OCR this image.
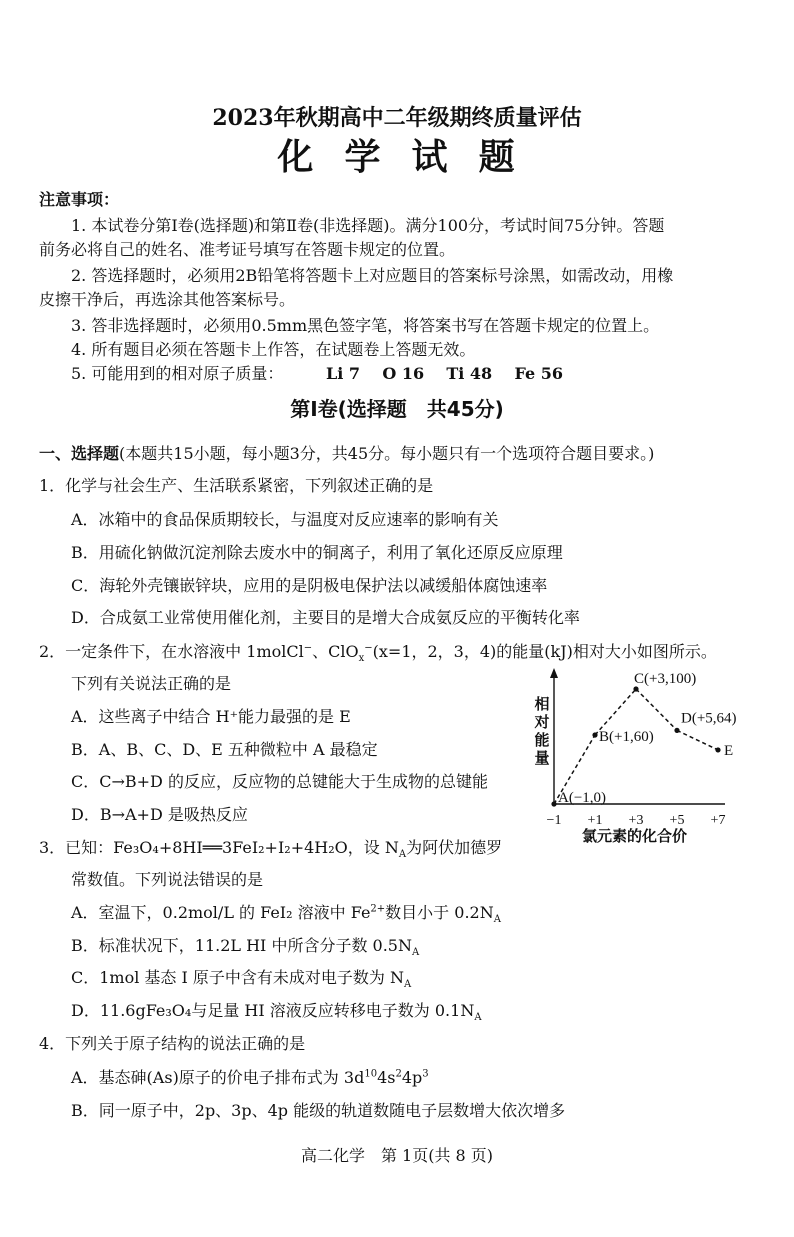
2023年秋期高中二年级期终质量评估
化  学  试  题
注意事项：
1. 本试卷分第Ⅰ卷(选择题)和第Ⅱ卷(非选择题)。满分100分，考试时间75分钟。答题
前务必将自己的姓名、准考证号填写在答题卡规定的位置。
2. 答选择题时，必须用2B铅笔将答题卡上对应题目的答案标号涂黑，如需改动，用橡
皮擦干净后，再选涂其他答案标号。
3. 答非选择题时，必须用0.5mm黑色签字笔，将答案书写在答题卡规定的位置上。
4. 所有题目必须在答题卡上作答，在试题卷上答题无效。
5. 可能用到的相对原子质量：	Li 7    O 16    Ti 48    Fe 56
第Ⅰ卷(选择题　共45分)
一、选择题(本题共15小题，每小题3分，共45分。每小题只有一个选项符合题目要求。)
1．化学与社会生产、生活联系紧密，下列叙述正确的是
A．冰箱中的食品保质期较长，与温度对反应速率的影响有关
B．用硫化钠做沉淀剂除去废水中的铜离子，利用了氧化还原反应原理
C．海轮外壳镶嵌锌块，应用的是阴极电保护法以减缓船体腐蚀速率
D．合成氨工业常使用催化剂，主要目的是增大合成氨反应的平衡转化率
2．一定条件下，在水溶液中 1molCl−、ClO$_x$−(x=1，2，3，4)的能量(kJ)相对大小如图所示。
下列有关说法正确的是
A．这些离子中结合 H⁺能力最强的是 E
B．A、B、C、D、E 五种微粒中 A 最稳定
C．C→B+D 的反应，反应物的总键能大于生成物的总键能
D．B→A+D 是吸热反应
相对能量
氯元素的化合价
−1 +1 +3 +5 +7
A(−1,0)
B(+1,60)
C(+3,100)
D(+5,64)
E
3．已知：Fe₃O₄+8HI══3FeI₂+I₂+4H₂O，设 $N_A$为阿伏加德罗
常数值。下列说法错误的是
A．室温下，0.2mol/L 的 FeI₂ 溶液中 $Fe^{2+}$数目小于 $0.2N_A$
B．标准状况下，11.2L HI 中所含分子数 $0.5N_A$
C．1mol 基态 I 原子中含有未成对电子数为 $N_A$
D．11.6gFe₃O₄与足量 HI 溶液反应转移电子数为 $0.1N_A$
4．下列关于原子结构的说法正确的是
A．基态砷(As)原子的价电子排布式为 $3d^{10}4s^24p^3$
B．同一原子中，2p、3p、4p 能级的轨道数随电子层数增大依次增多
高二化学　第 1页(共 8 页)
